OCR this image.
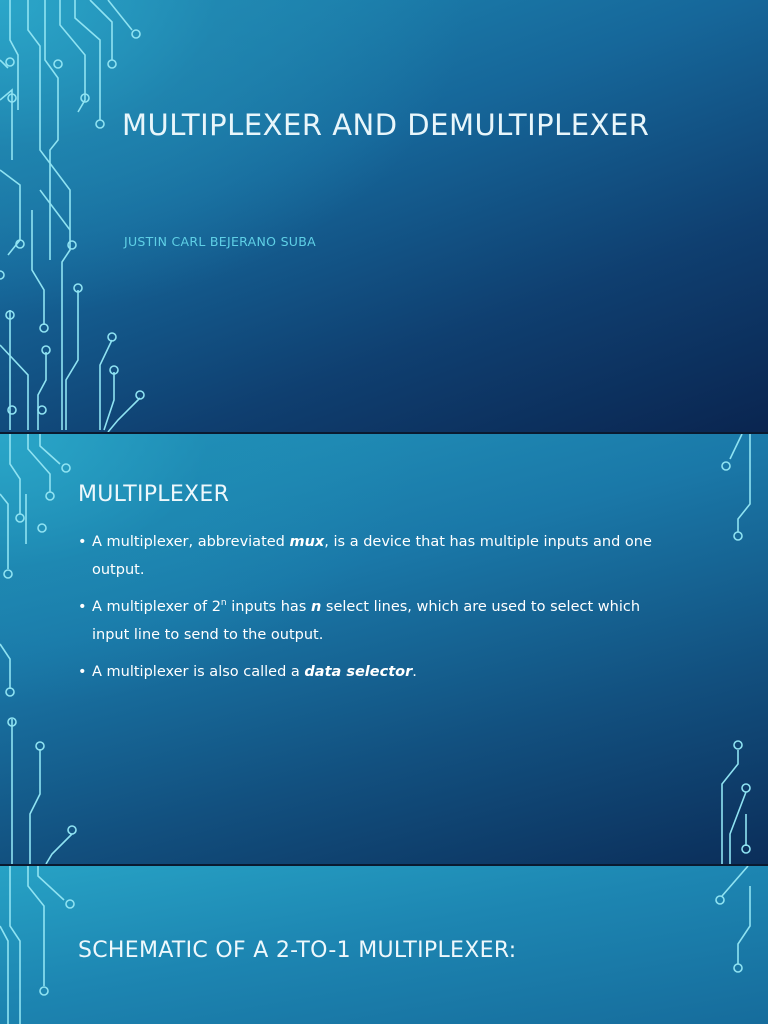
MULTIPLEXER AND DEMULTIPLEXER
JUSTIN CARL BEJERANO SUBA
MULTIPLEXER
• A multiplexer, abbreviated mux, is a device that has multiple inputs and one output.
• A multiplexer of 2$^n$ inputs has n select lines, which are used to select which input line to send to the output.
• A multiplexer is also called a data selector.
SCHEMATIC OF A 2-TO-1 MULTIPLEXER:
